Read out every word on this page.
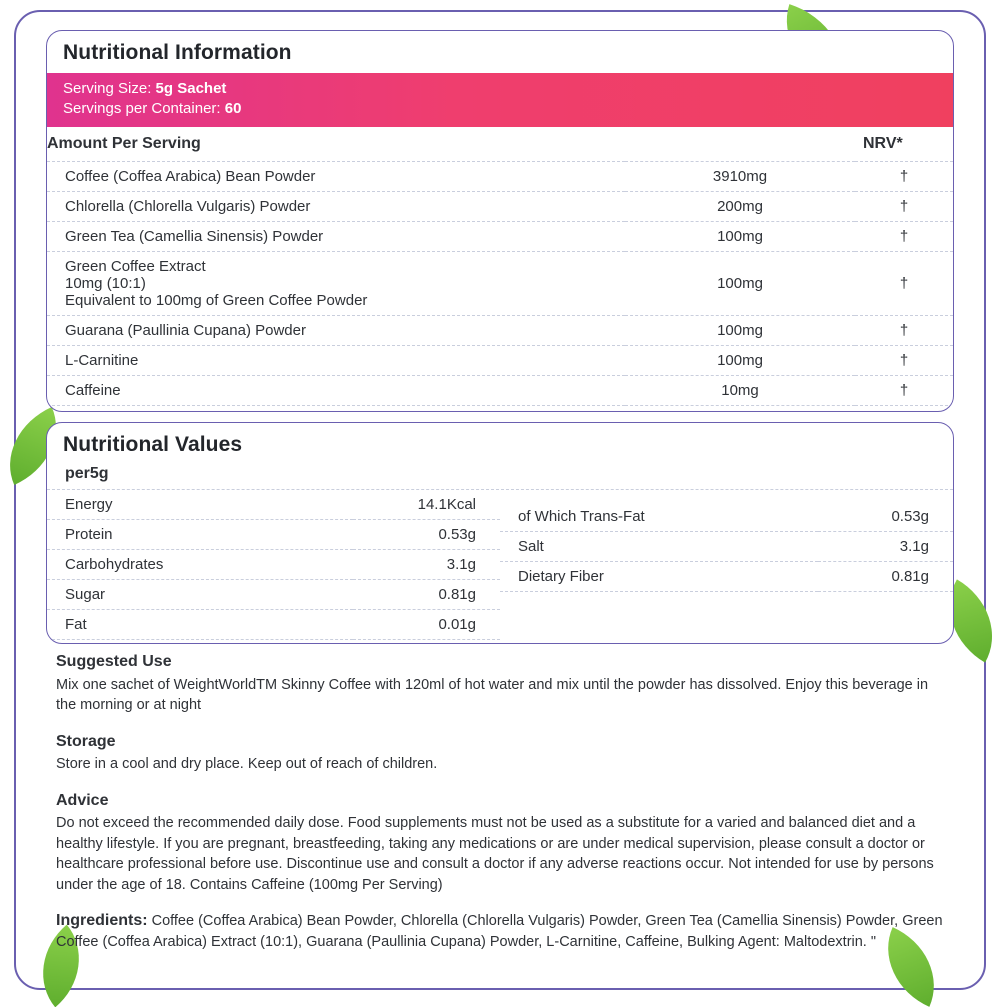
Nutritional Information
Serving Size: 5g Sachet
Servings per Container: 60
Amount Per Serving		NRV*
Coffee (Coffea Arabica) Bean Powder	3910mg	†
Chlorella (Chlorella Vulgaris) Powder	200mg	†
Green Tea (Camellia Sinensis) Powder	100mg	†

Green Coffee Extract
10mg (10:1)
Equivalent to 100mg of Green Coffee Powder	100mg	†
Guarana (Paullinia Cupana) Powder	100mg	†
L-Carnitine	100mg	†
Caffeine	10mg	†
Nutritional Values
per5g
Energy	14.1Kcal
Protein	0.53g
Carbohydrates	3.1g
Sugar	0.81g
Fat	0.01g

of Which Trans-Fat	0.53g
Salt	3.1g
Dietary Fiber	0.81g

Suggested Use
Mix one sachet of WeightWorldTM Skinny Coffee with 120ml of hot water and mix until the powder has dissolved. Enjoy this beverage in the morning or at night
Storage
Store in a cool and dry place. Keep out of reach of children.
Advice
Do not exceed the recommended daily dose. Food supplements must not be used as a substitute for a varied and balanced diet and a healthy lifestyle. If you are pregnant, breastfeeding, taking any medications or are under medical supervision, please consult a doctor or healthcare professional before use. Discontinue use and consult a doctor if any adverse reactions occur. Not intended for use by persons under the age of 18. Contains Caffeine (100mg Per Serving)
Ingredients: Coffee (Coffea Arabica) Bean Powder, Chlorella (Chlorella Vulgaris) Powder, Green Tea (Camellia Sinensis) Powder, Green Coffee (Coffea Arabica) Extract (10:1), Guarana (Paullinia Cupana) Powder, L-Carnitine, Caffeine, Bulking Agent: Maltodextrin. "
